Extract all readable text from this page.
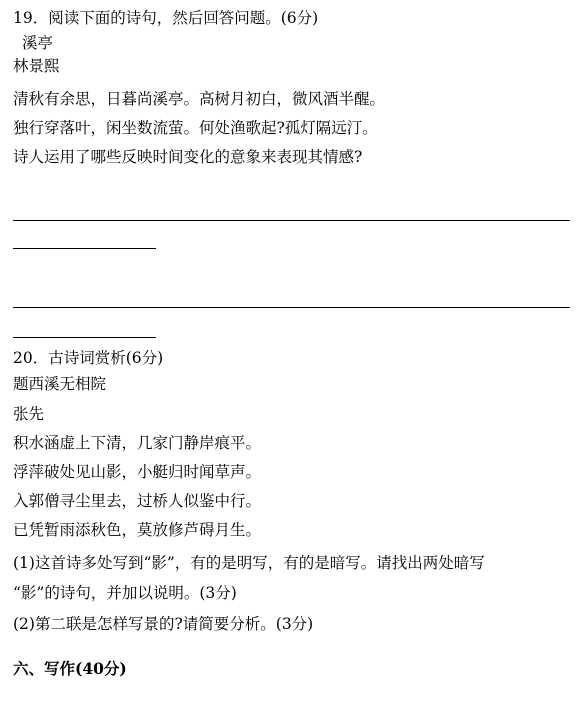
19．阅读下面的诗句，然后回答问题。(6分)
溪亭
林景熙
清秋有余思，日暮尚溪亭。高树月初白，微风酒半醒。
独行穿落叶，闲坐数流萤。何处渔歌起?孤灯隔远汀。
诗人运用了哪些反映时间变化的意象来表现其情感?
20．古诗词赏析(6分)
题西溪无相院
张先
积水涵虚上下清，几家门静岸痕平。
浮萍破处见山影，小艇归时闻草声。
入郭僧寻尘里去，过桥人似鉴中行。
已凭暂雨添秋色，莫放修芦碍月生。
(1)这首诗多处写到“影”，有的是明写，有的是暗写。请找出两处暗写
“影”的诗句，并加以说明。(3分)
(2)第二联是怎样写景的?请简要分析。(3分)
六、写作(40分)
